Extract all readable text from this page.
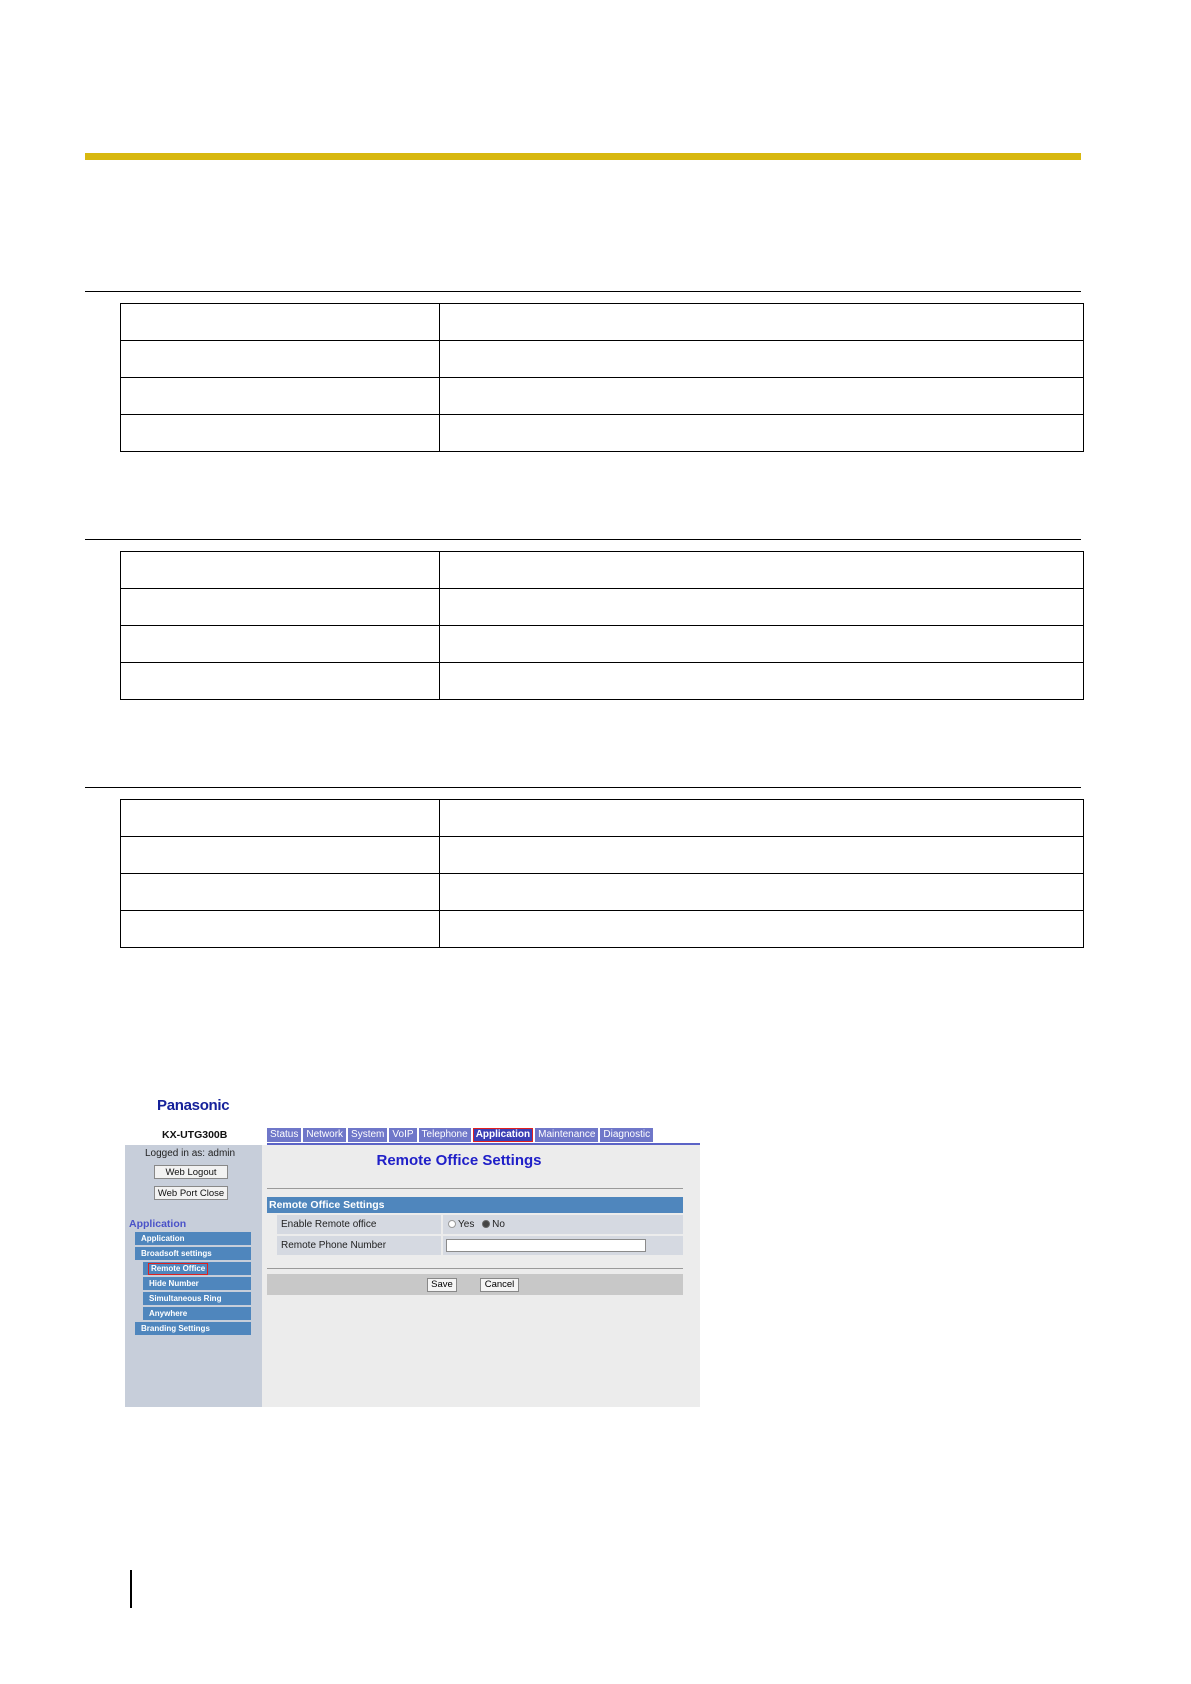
Panasonic
KX-UTG300B	Status Network System VoIP Telephone Application Maintenance Diagnostic
Logged in as: admin
Web Logout
Web Port Close
Application
Application
Broadsoft settings
Remote Office
Hide Number
Simultaneous Ring
Anywhere
Branding Settings
Remote Office Settings
Remote Office Settings
Enable Remote office	Yes No
Remote Phone Number
Save	Cancel
